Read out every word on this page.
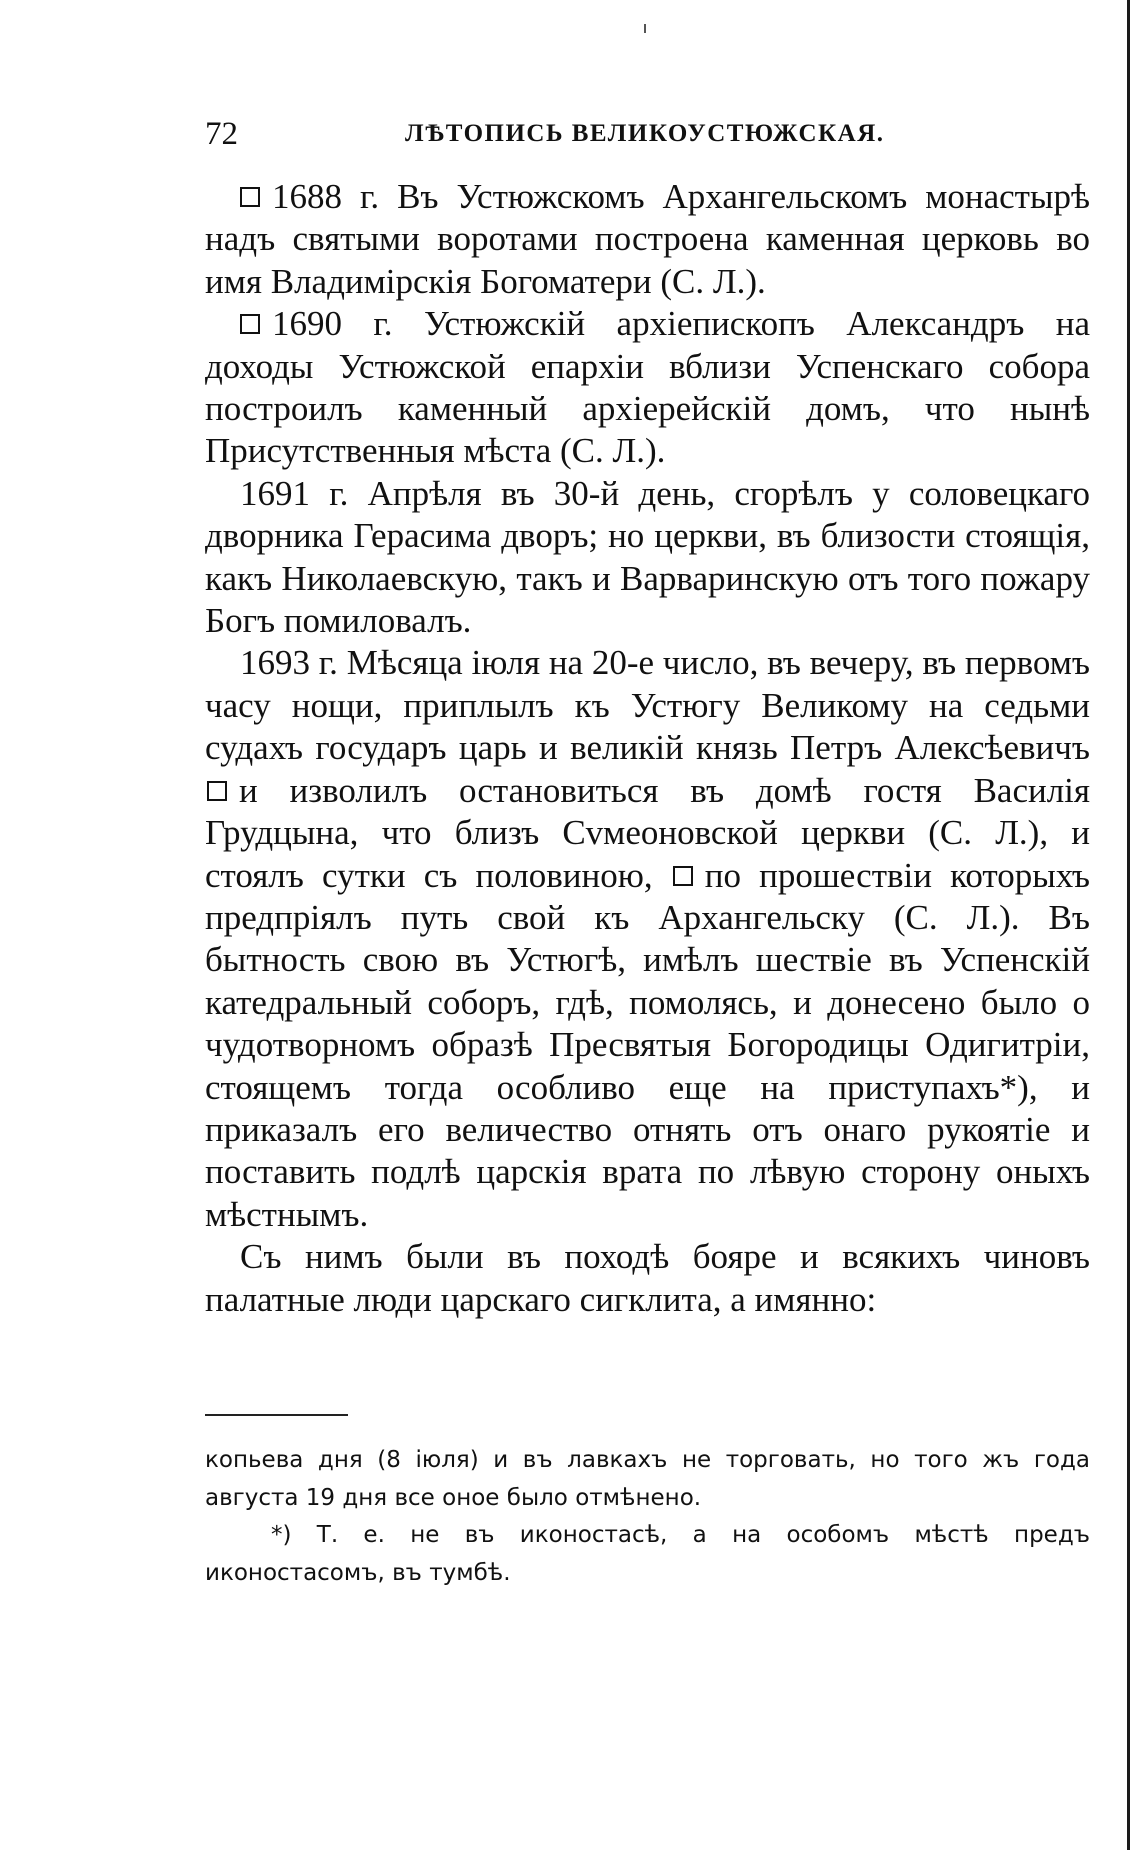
72	ЛѢТОПИСЬ ВЕЛИКОУСТЮЖСКАЯ.

1688 г. Въ Устюжскомъ Архангельскомъ монастырѣ надъ святыми воротами построена каменная церковь во имя Владимірскія Богоматери (С. Л.).

1690 г. Устюжскій архіепископъ Александръ на доходы Устюжской епархіи вблизи Успенскаго собора построилъ каменный архіерейскій домъ, что нынѣ Присутственныя мѣста (С. Л.).

1691 г. Апрѣля въ 30-й день, сгорѣлъ у соловецкаго дворника Герасима дворъ; но церкви, въ близости стоящія, какъ Николаевскую, такъ и Варваринскую отъ того пожару Богъ помиловалъ.

1693 г. Мѣсяца іюля на 20-е число, въ вечеру, въ первомъ часу нощи, приплылъ къ Устюгу Великому на седьми судахъ государъ царь и великій князь Петръ Алексѣевичъ и изволилъ остановиться въ домѣ гостя Василія Грудцына, что близъ Сvмеоновской церкви (С. Л.), и стоялъ сутки съ половиною, по прошествіи которыхъ предпріялъ путь свой къ Архангельску (С. Л.). Въ бытность свою въ Устюгѣ, имѣлъ шествіе въ Успенскій катедральный соборъ, гдѣ, помолясь, и донесено было о чудотворномъ образѣ Пресвятыя Богородицы Одигитріи, стоящемъ тогда особливо еще на приступахъ*), и приказалъ его величество отнять отъ онаго рукоятіе и поставить подлѣ царскія врата по лѣвую сторону оныхъ мѣстнымъ.

Съ нимъ были въ походѣ бояре и всякихъ чиновъ палатные люди царскаго сигклита, а имянно:

копьева дня (8 іюля) и въ лавкахъ не торговать, но того жъ года августа 19 дня все оное было отмѣнено.

*) Т. е. не въ иконостасѣ, а на особомъ мѣстѣ предъ иконостасомъ, въ тумбѣ.
